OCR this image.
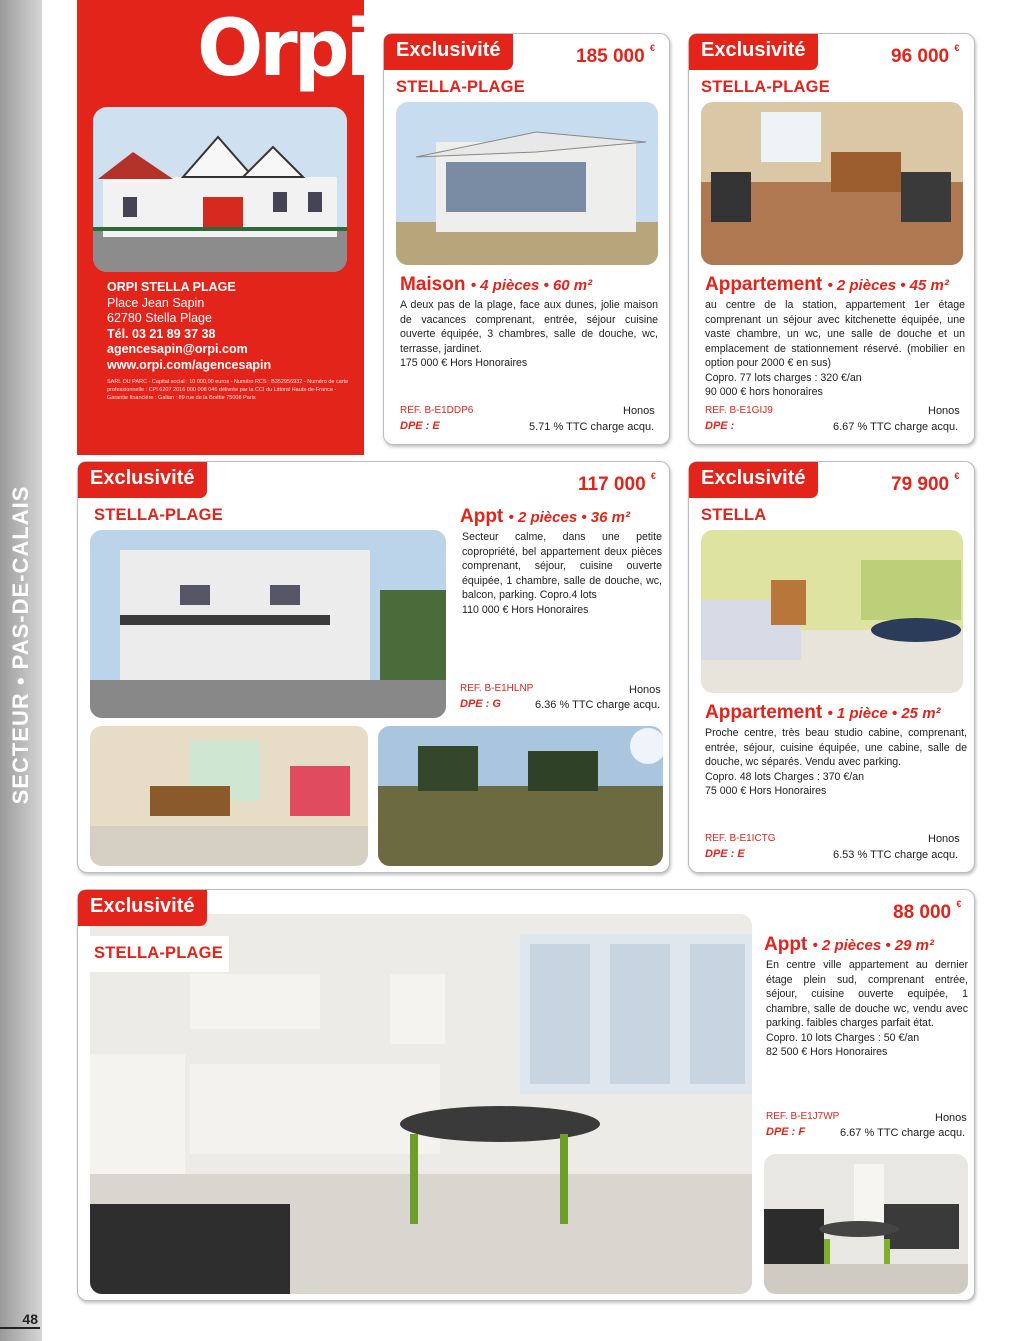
SECTEUR • PAS-DE-CALAIS
48
Orpi
ORPI STELLA PLAGE
Place Jean Sapin
62780 Stella Plage
Tél. 03 21 89 37 38
agencesapin@orpi.com
www.orpi.com/agencesapin
SARL DU PARC - Capital social : 10 000,00 euros - Numéro RCS : B352956932 - Numéro de carte professionnelle : CPI 6207 2016 000 008 046 délivrée par la CCI du Littoral Hauts-de-France - Garantie financière : Galian : 89 rue de la Boétie 75008 Paris
Exclusivité	185 000 €
STELLA-PLAGE
Maison • 4 pièces • 60 m²
A deux pas de la plage, face aux dunes, jolie maison de vacances comprenant, entrée, séjour cuisine ouverte équipée, 3 chambres, salle de douche, wc, terrasse, jardinet.
175 000 € Hors Honoraires
REF. B-E1DDP6
DPE : E
Honos
5.71 % TTC charge acqu.
Exclusivité	96 000 €
STELLA-PLAGE
Appartement • 2 pièces • 45 m²
au centre de la station, appartement 1er étage comprenant un séjour avec kitchenette équipée, une vaste chambre, un wc, une salle de douche et un emplacement de stationnement réservé. (mobilier en option pour 2000 € en sus)
Copro. 77 lots charges : 320 €/an
90 000 € hors honoraires
REF. B-E1GIJ9
DPE :
Honos
6.67 % TTC charge acqu.
Exclusivité	117 000 €
STELLA-PLAGE	Appt • 2 pièces • 36 m²
Secteur calme, dans une petite copropriété, bel appartement deux pièces comprenant, séjour, cuisine ouverte équipée, 1 chambre, salle de douche, wc, balcon, parking. Copro.4 lots
110 000 € Hors Honoraires
REF. B-E1HLNP
DPE : G
Honos
6.36 % TTC charge acqu.
Exclusivité	79 900 €
STELLA
Appartement • 1 pièce • 25 m²
Proche centre, très beau studio cabine, comprenant, entrée, séjour, cuisine équipée, une cabine, salle de douche, wc séparés. Vendu avec parking.
Copro. 48 lots Charges : 370 €/an
75 000 € Hors Honoraires
REF. B-E1ICTG
DPE : E
Honos
6.53 % TTC charge acqu.
Exclusivité
STELLA-PLAGE
88 000 €
Appt • 2 pièces • 29 m²
En centre ville appartement au dernier étage plein sud, comprenant entrée, séjour, cuisine ouverte equipée, 1 chambre, salle de douche wc, vendu avec parking. faibles charges parfait état.
Copro. 10 lots Charges : 50 €/an
82 500 € Hors Honoraires
REF. B-E1J7WP
DPE : F
Honos
6.67 % TTC charge acqu.
